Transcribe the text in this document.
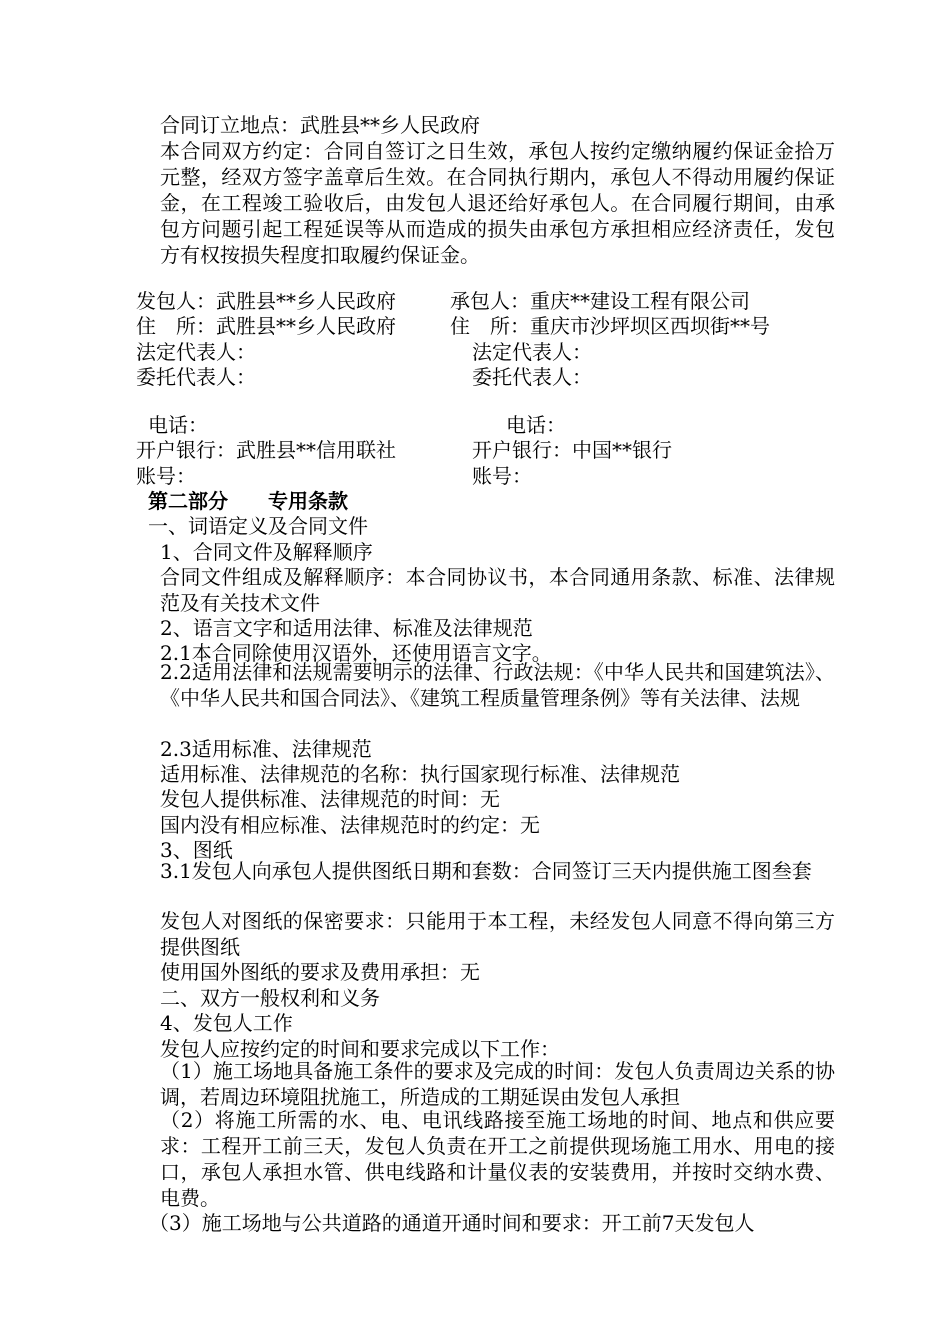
合同订立地点：武胜县**乡人民政府
本合同双方约定：合同自签订之日生效，承包人按约定缴纳履约保证金拾万元整，经双方签字盖章后生效。在合同执行期内，承包人不得动用履约保证金，在工程竣工验收后，由发包人退还给好承包人。在合同履行期间，由承包方问题引起工程延误等从而造成的损失由承包方承担相应经济责任，发包方有权按损失程度扣取履约保证金。
发包人：武胜县**乡人民政府	承包人：重庆**建设工程有限公司
住　所：武胜县**乡人民政府	住　所：重庆市沙坪坝区西坝街**号
法定代表人：	法定代表人：
委托代表人：	委托代表人：
电话：	电话：
开户银行：武胜县**信用联社	开户银行：中国**银行
账号：	账号：
第二部分　　专用条款
一、词语定义及合同文件
1、合同文件及解释顺序
合同文件组成及解释顺序：本合同协议书，本合同通用条款、标准、法律规范及有关技术文件
2、语言文字和适用法律、标准及法律规范
2.1本合同除使用汉语外，还使用语言文字。
2.2适用法律和法规需要明示的法律、行政法规：《中华人民共和国建筑法》、《中华人民共和国合同法》、《建筑工程质量管理条例》等有关法律、法规
2.3适用标准、法律规范
适用标准、法律规范的名称：执行国家现行标准、法律规范
发包人提供标准、法律规范的时间：无
国内没有相应标准、法律规范时的约定：无
3、图纸
3.1发包人向承包人提供图纸日期和套数：合同签订三天内提供施工图叁套
发包人对图纸的保密要求：只能用于本工程，未经发包人同意不得向第三方提供图纸
使用国外图纸的要求及费用承担：无
二、双方一般权利和义务
4、发包人工作
发包人应按约定的时间和要求完成以下工作：
（1）施工场地具备施工条件的要求及完成的时间：发包人负责周边关系的协调，若周边环境阻扰施工，所造成的工期延误由发包人承担
（2）将施工所需的水、电、电讯线路接至施工场地的时间、地点和供应要求：工程开工前三天，发包人负责在开工之前提供现场施工用水、用电的接口，承包人承担水管、供电线路和计量仪表的安装费用，并按时交纳水费、电费。
（3）施工场地与公共道路的通道开通时间和要求：开工前7天发包人
